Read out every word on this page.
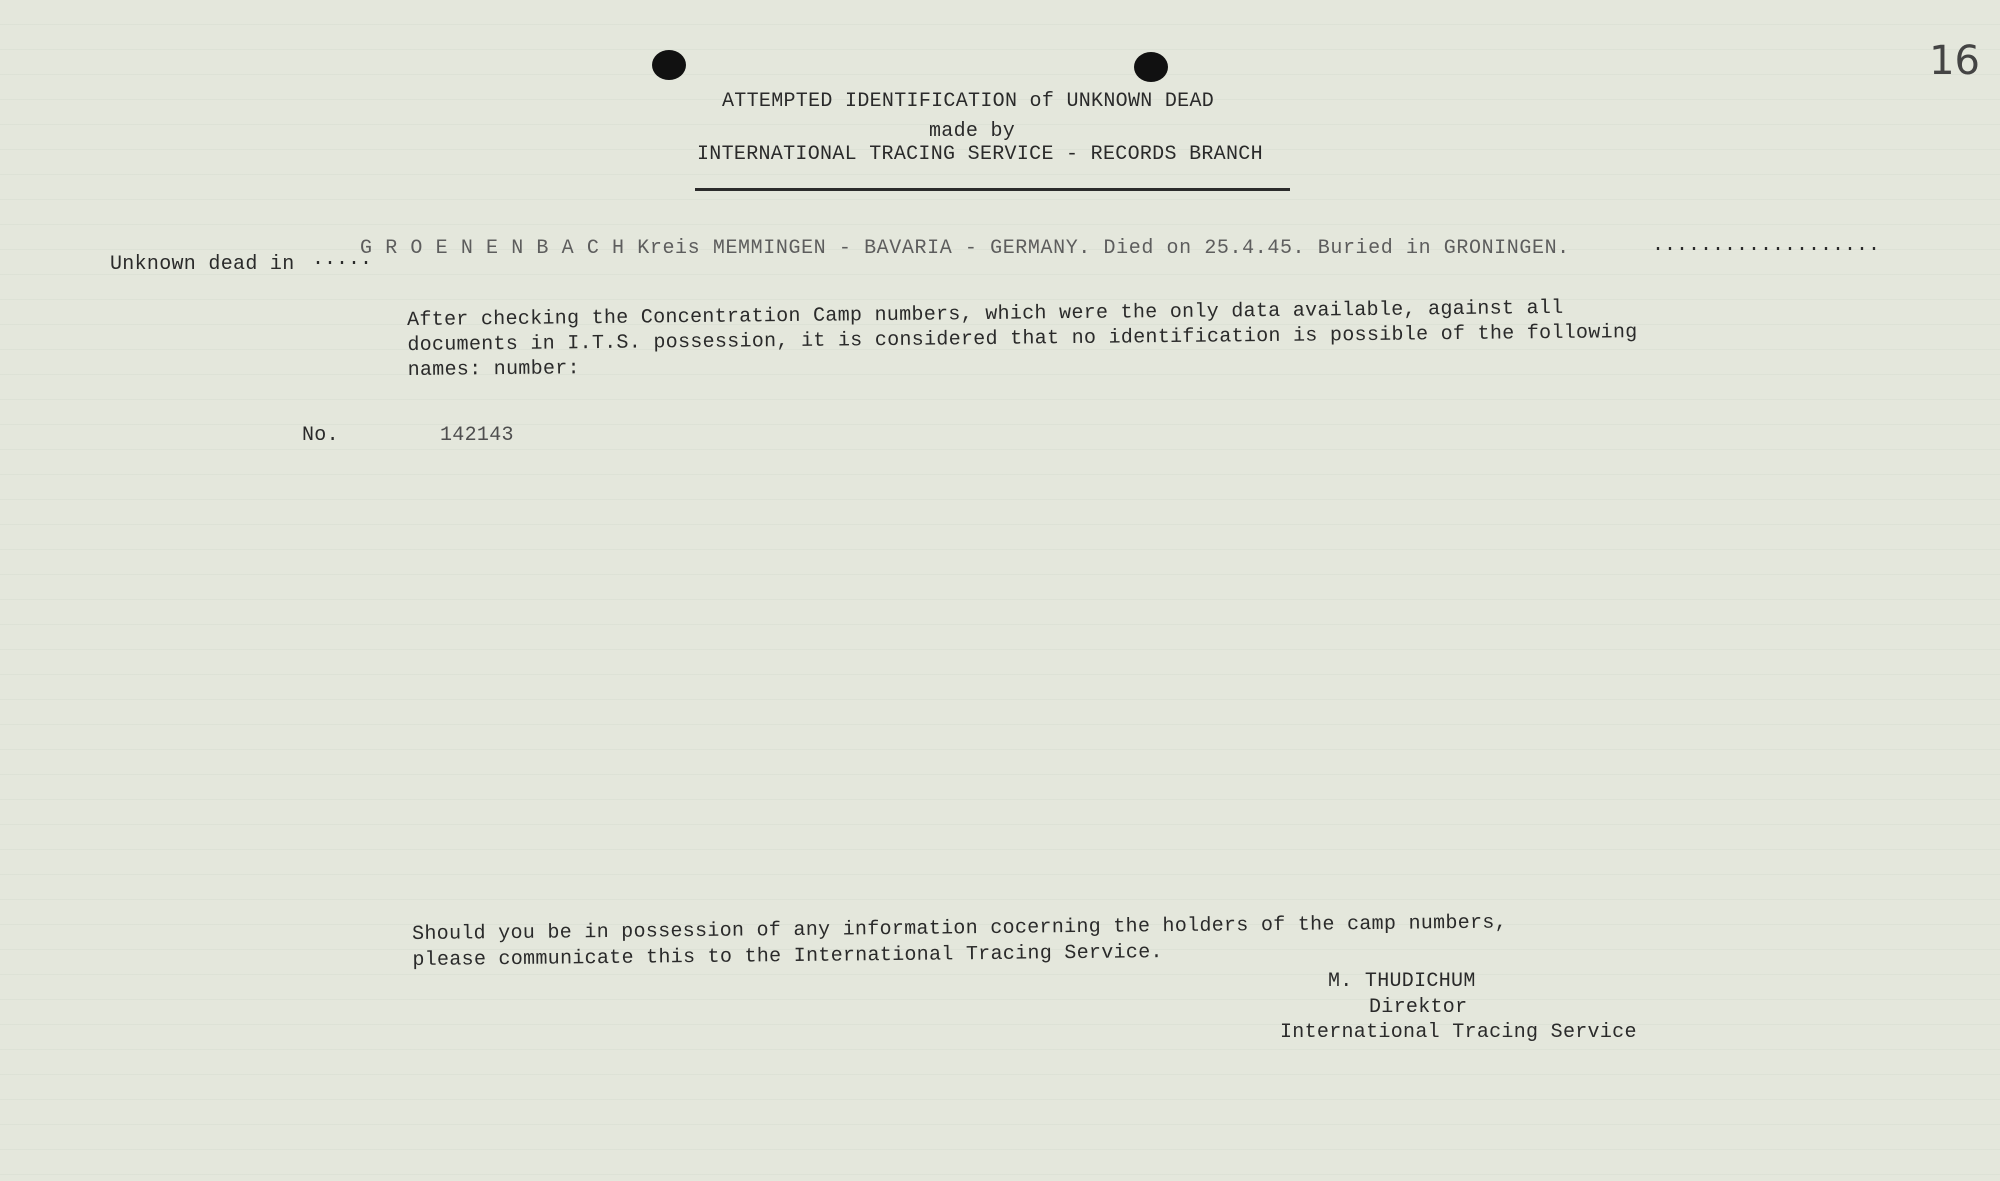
16
ATTEMPTED IDENTIFICATION of UNKNOWN DEAD
made by
INTERNATIONAL TRACING SERVICE - RECORDS BRANCH
Unknown dead in .....
G R O E N E N B A C H Kreis MEMMINGEN - BAVARIA - GERMANY. Died on 25.4.45. Buried in GRONINGEN.	...................
After checking the Concentration Camp numbers, which were the only data available, against all documents in I.T.S. possession, it is considered that no identification is possible of the following names: number:
No.	142143
Should you be in possession of any information cocerning the holders of the camp numbers, please communicate this to the International Tracing Service.
M. THUDICHUM
Direktor
International Tracing Service
